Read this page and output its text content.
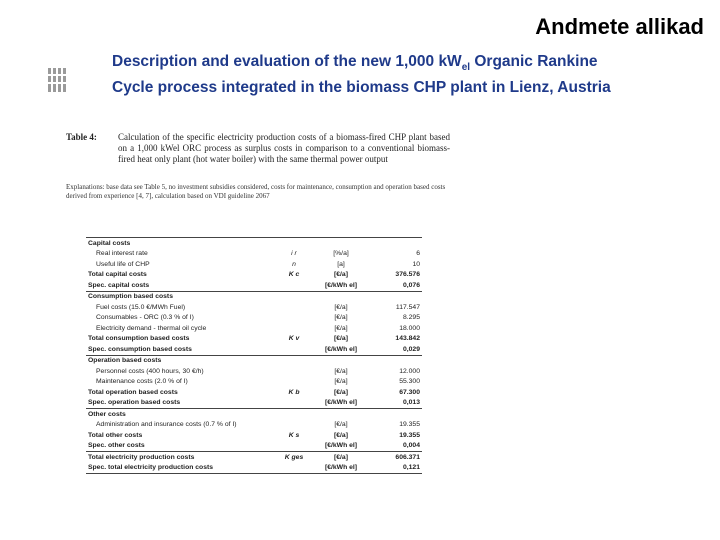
Andmete allikad
Description and evaluation of the new 1,000 $kW_{el}$ Organic Rankine
Cycle process integrated in the biomass CHP plant in Lienz, Austria
Table 4: Calculation of the specific electricity production costs of a biomass-fired CHP plant based on a 1,000 kWel ORC process as surplus costs in comparison to a conventional biomass-fired heat only plant (hot water boiler) with the same thermal power output
Explanations: base data see Table 5, no investment subsidies considered, costs for maintenance, consumption and operation based costs derived from experience [4, 7], calculation based on VDI guideline 2067
Capital costs			
Real interest rate	i r	[%/a]	6
Useful life of CHP	n	[a]	10
Total capital costs	K c	[€/a]	376.576
Spec. capital costs		[€/kWh el]	0,076
Consumption based costs			
Fuel costs (15.0 €/MWh Fuel)		[€/a]	117.547
Consumables - ORC (0.3 % of I)		[€/a]	8.295
Electricity demand - thermal oil cycle		[€/a]	18.000
Total consumption based costs	K v	[€/a]	143.842
Spec. consumption based costs		[€/kWh el]	0,029
Operation based costs			
Personnel costs (400 hours, 30 €/h)		[€/a]	12.000
Maintenance costs (2.0 % of I)		[€/a]	55.300
Total operation based costs	K b	[€/a]	67.300
Spec. operation based costs		[€/kWh el]	0,013
Other costs			
Administration and insurance costs (0.7 % of I)		[€/a]	19.355
Total other costs	K s	[€/a]	19.355
Spec. other costs		[€/kWh el]	0,004
Total electricity production costs	K ges	[€/a]	606.371
Spec. total electricity production costs		[€/kWh el]	0,121
